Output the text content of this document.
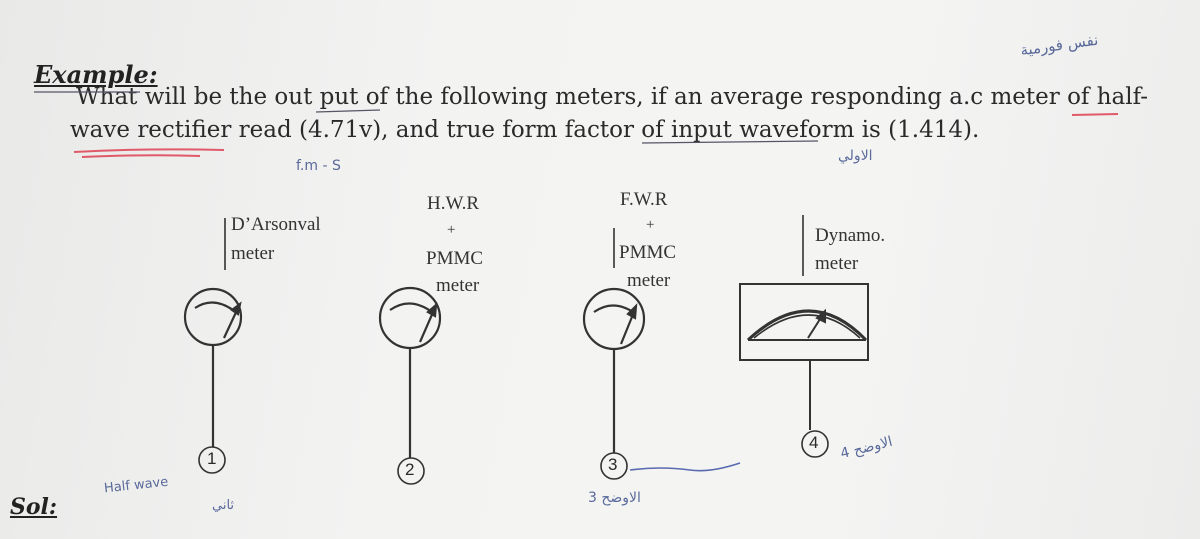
نفس فورمية
Example:
What will be the out put of the following meters, if an average responding a.c meter of half-
wave rectifier read (4.71v), and true form factor of input waveform is (1.414).
f.m - S
الاولي
D’Arsonval
meter
H.W.R
+
PMMC
meter
F.W.R
+
PMMC
meter
Dynamo.
meter
1
2	3
4
Sol:
Half wave
ثاني	الاوضح 3
الاوضح 4
